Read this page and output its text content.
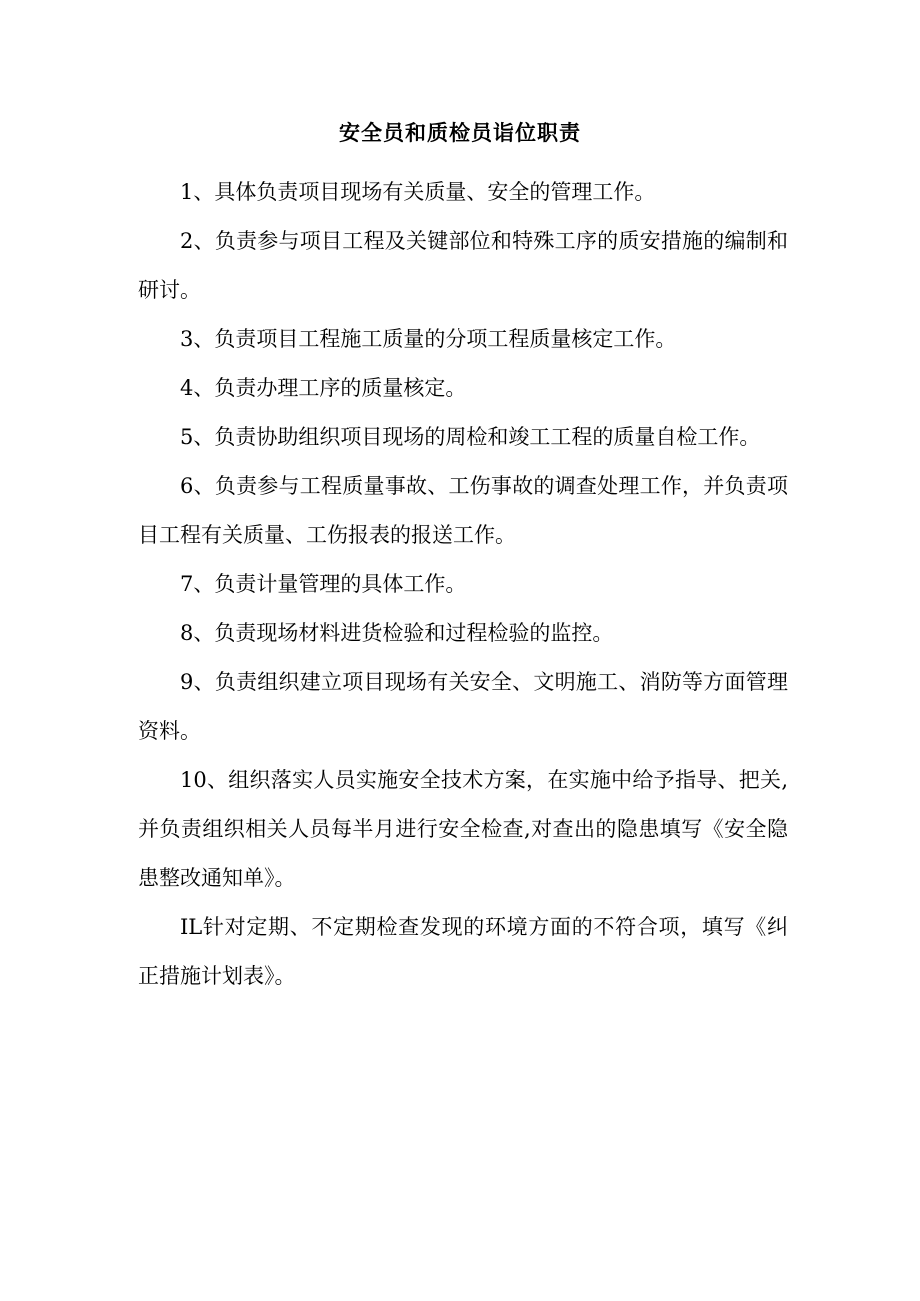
安全员和质检员诣位职责

1、具体负责项目现场有关质量、安全的管理工作。

2、负责参与项目工程及关键部位和特殊工序的质安措施的编制和研讨。

3、负责项目工程施工质量的分项工程质量核定工作。

4、负责办理工序的质量核定。

5、负责协助组织项目现场的周检和竣工工程的质量自检工作。

6、负责参与工程质量事故、工伤事故的调查处理工作，并负责项目工程有关质量、工伤报表的报送工作。

7、负责计量管理的具体工作。

8、负责现场材料进货检验和过程检验的监控。

9、负责组织建立项目现场有关安全、文明施工、消防等方面管理资料。

10、组织落实人员实施安全技术方案，在实施中给予指导、把关,并负责组织相关人员每半月进行安全检查,对查出的隐患填写《安全隐患整改通知单》。

IL针对定期、不定期检查发现的环境方面的不符合项，填写《纠正措施计划表》。
